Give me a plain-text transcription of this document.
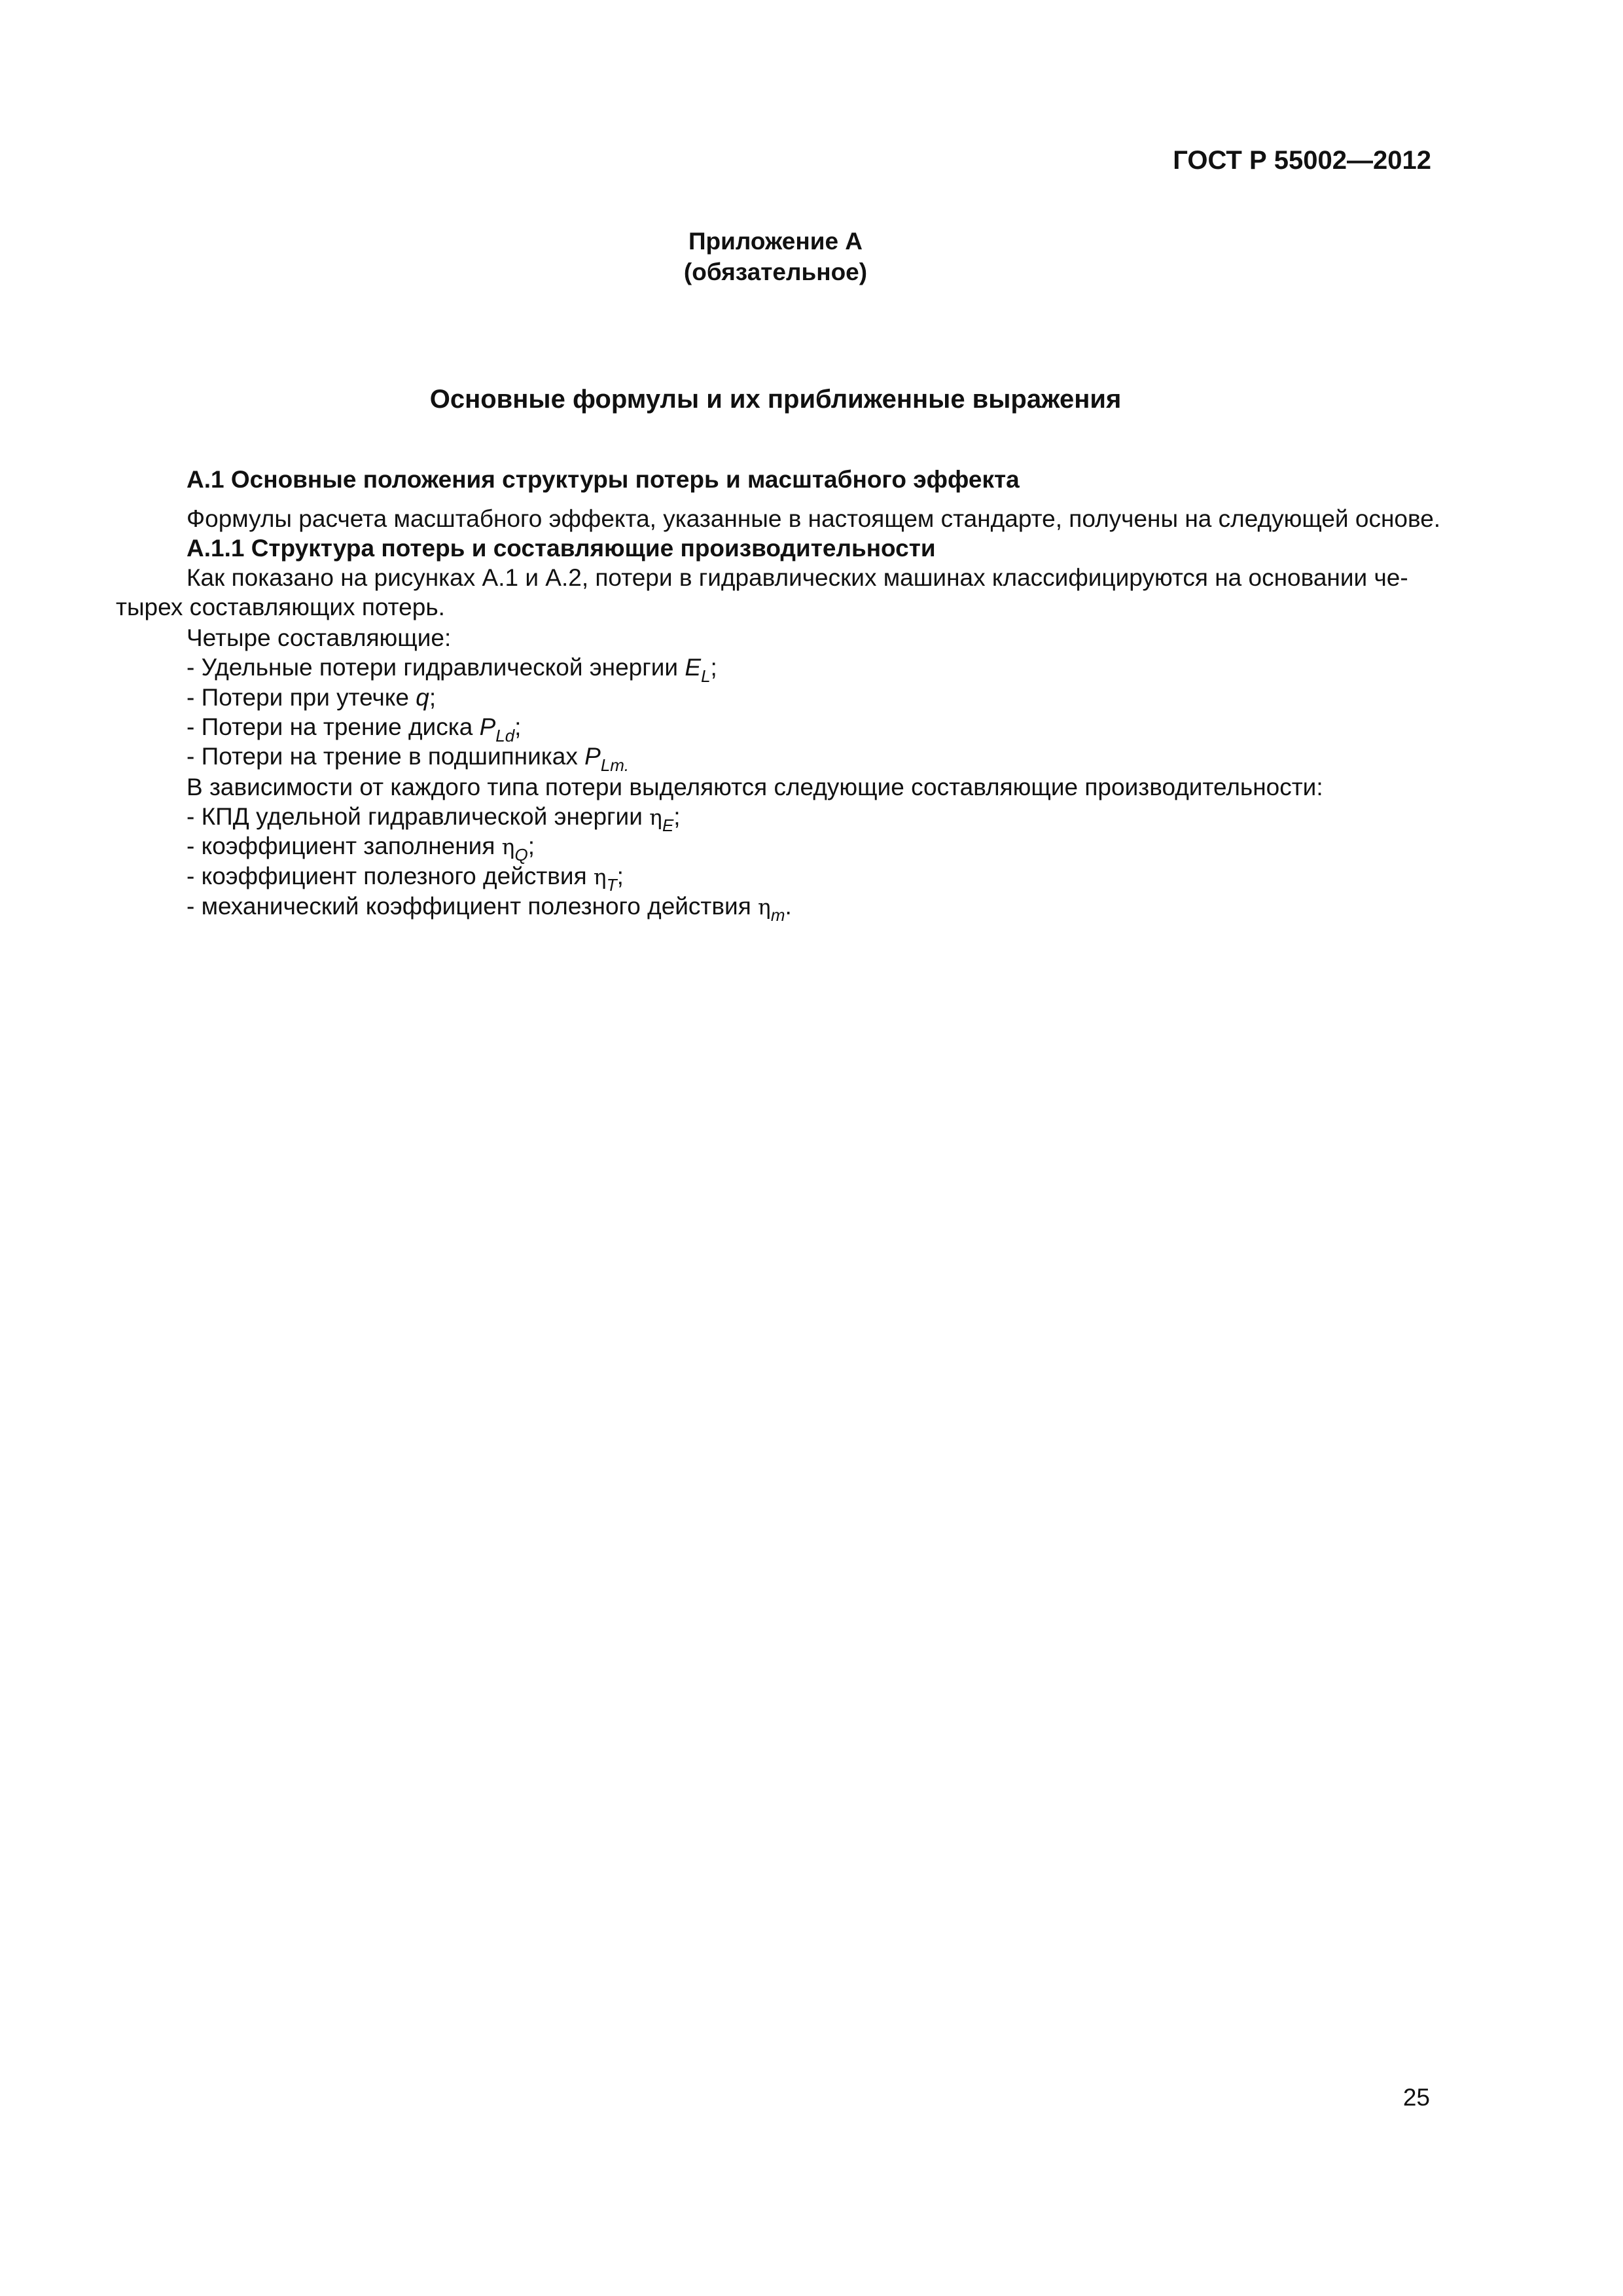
ГОСТ Р 55002—2012
Приложение А
(обязательное)
Основные формулы и их приближенные выражения
А.1 Основные положения структуры потерь и масштабного эффекта
Формулы расчета масштабного эффекта, указанные в настоящем стандарте, получены на следующей основе.
А.1.1 Структура потерь и составляющие производительности
Как показано на рисунках А.1 и А.2, потери в гидравлических машинах классифицируются на основании че-
тырех составляющих потерь.
Четыре составляющие:
- Удельные потери гидравлической энергии $E_L$;
- Потери при утечке q;
- Потери на трение диска $P_{Ld}$;
- Потери на трение в подшипниках $P_{Lm.}$
В зависимости от каждого типа потери выделяются следующие составляющие производительности:
- КПД удельной гидравлической энергии $\eta_E$;
- коэффициент заполнения $\eta_Q$;
- коэффициент полезного действия $\eta_T$;
- механический коэффициент полезного действия $\eta_m$.
25
